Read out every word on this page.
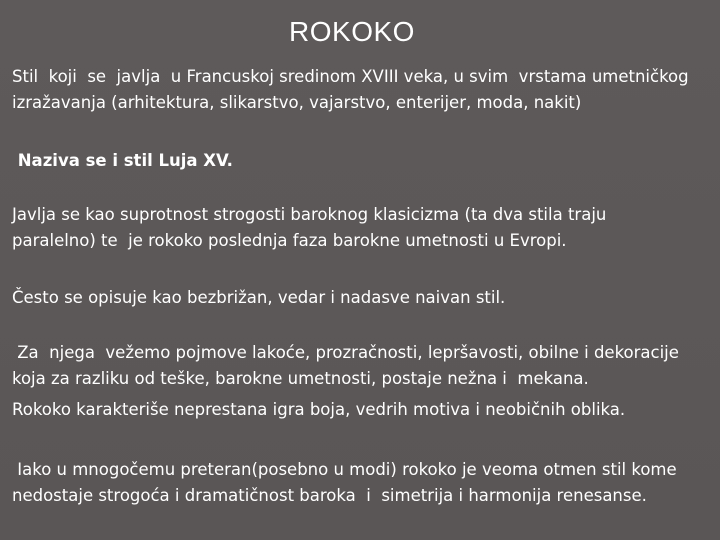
ROKOKO

Stil  koji  se  javlja  u Francuskoj sredinom XVIII veka, u svim  vrstama umetničkog
izražavanja (arhitektura, slikarstvo, vajarstvo, enterijer, moda, nakit)

Naziva se i stil Luja XV.

Javlja se kao suprotnost strogosti baroknog klasicizma (ta dva stila traju
paralelno) te  je rokoko poslednja faza barokne umetnosti u Evropi.

Često se opisuje kao bezbrižan, vedar i nadasve naivan stil.

Za  njega  vežemo pojmove lakoće, prozračnosti, lepršavosti, obilne i dekoracije
koja za razliku od teške, barokne umetnosti, postaje nežna i  mekana.

Rokoko karakteriše neprestana igra boja, vedrih motiva i neobičnih oblika.

Iako u mnogočemu preteran(posebno u modi) rokoko je veoma otmen stil kome
nedostaje strogoća i dramatičnost baroka  i  simetrija i harmonija renesanse.
